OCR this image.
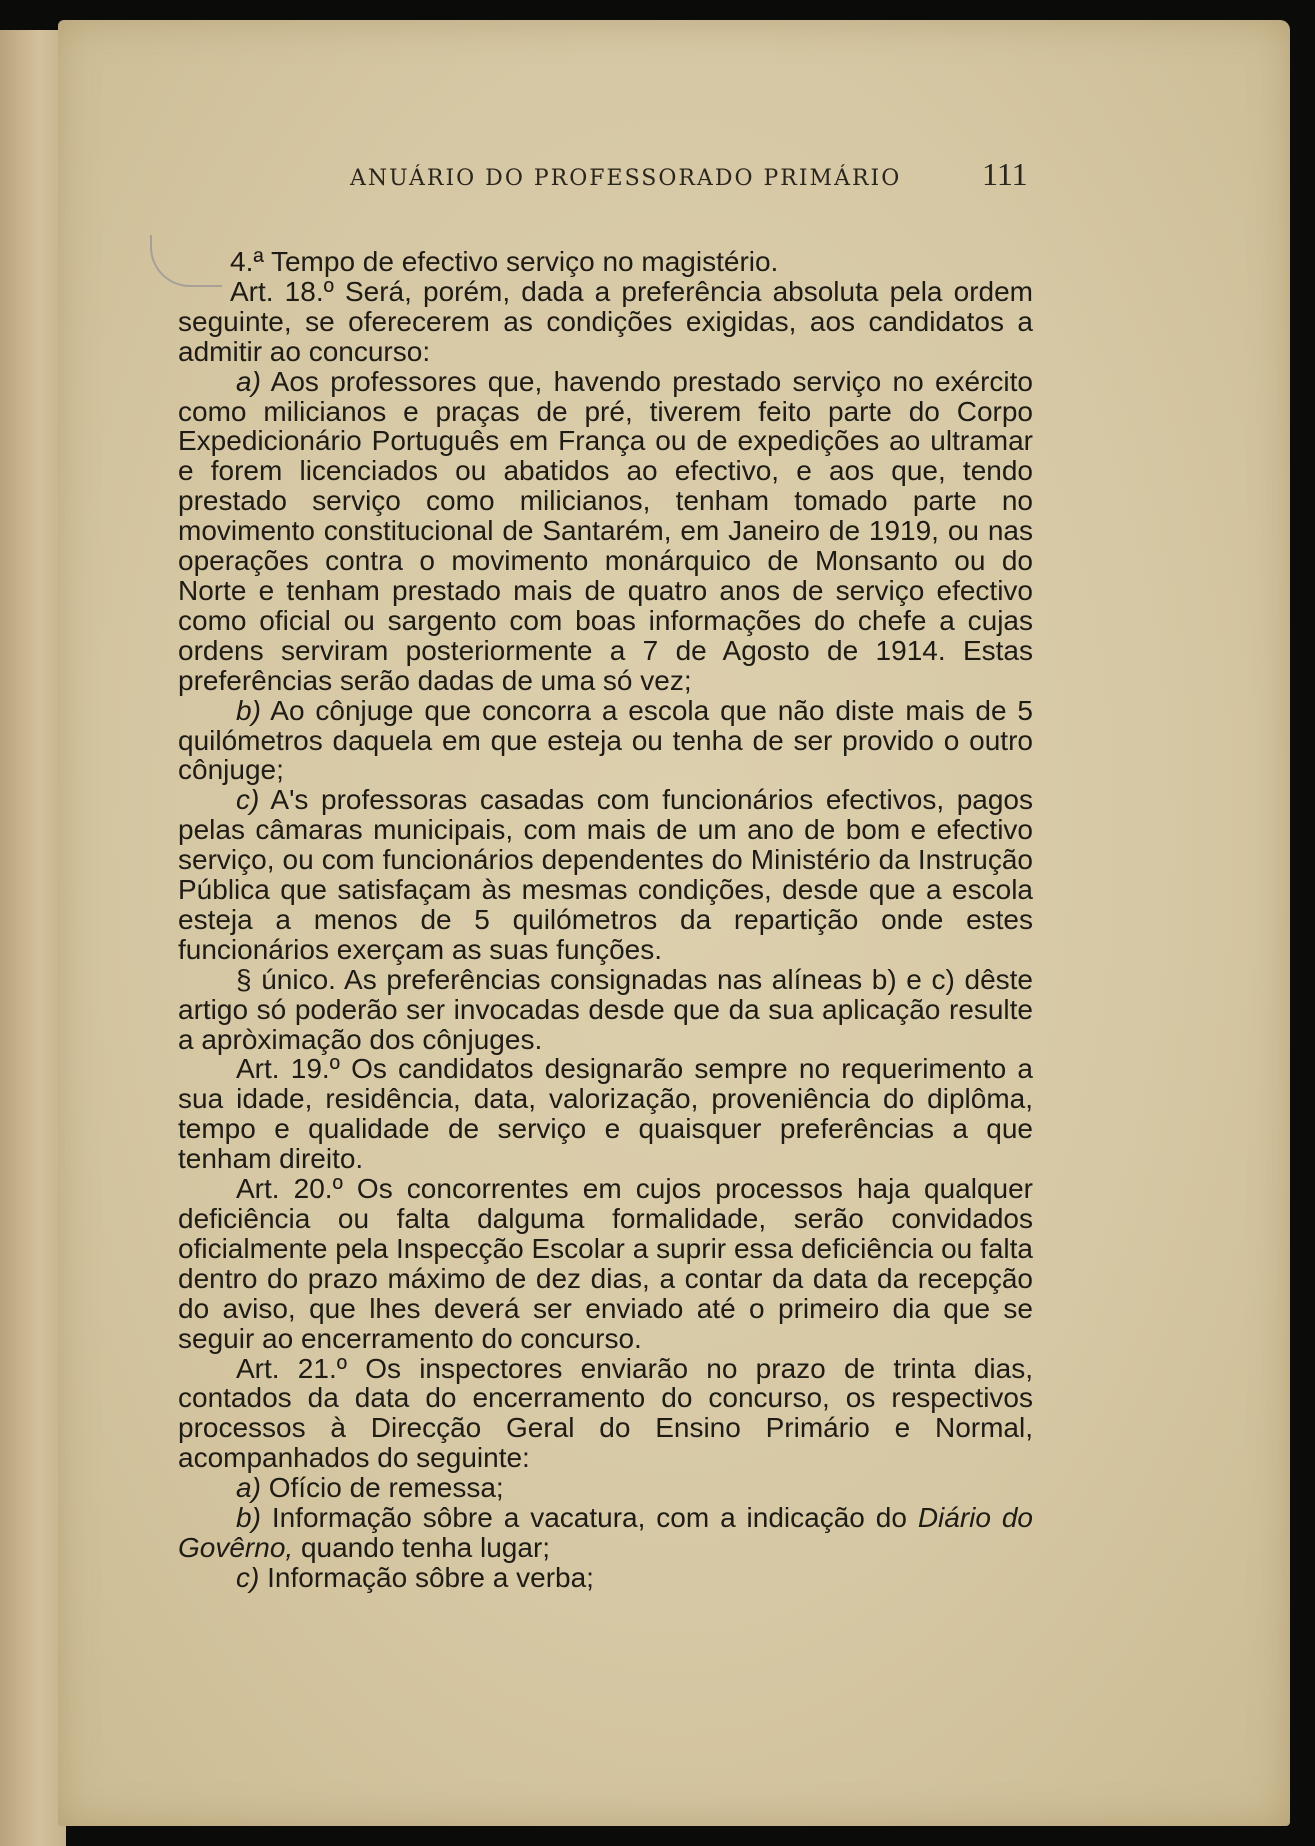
ANUÁRIO DO PROFESSORADO PRIMÁRIO	111

4.ª Tempo de efectivo serviço no magistério.

Art. 18.º Será, porém, dada a preferência absoluta pela ordem seguinte, se oferecerem as condições exigidas, aos candidatos a admitir ao concurso:

a) Aos professores que, havendo prestado serviço no exército como milicianos e praças de pré, tiverem feito parte do Corpo Expedicionário Português em França ou de expedições ao ultramar e forem licenciados ou abatidos ao efectivo, e aos que, tendo prestado serviço como milicianos, tenham tomado parte no movimento constitucional de Santarém, em Janeiro de 1919, ou nas operações contra o movimento monárquico de Monsanto ou do Norte e tenham prestado mais de quatro anos de serviço efectivo como oficial ou sargento com boas informações do chefe a cujas ordens serviram posteriormente a 7 de Agosto de 1914. Estas preferências serão dadas de uma só vez;

b) Ao cônjuge que concorra a escola que não diste mais de 5 quilómetros daquela em que esteja ou tenha de ser provido o outro cônjuge;

c) A's professoras casadas com funcionários efectivos, pagos pelas câmaras municipais, com mais de um ano de bom e efectivo serviço, ou com funcionários dependentes do Ministério da Instrução Pública que satisfaçam às mesmas condições, desde que a escola esteja a menos de 5 quilómetros da repartição onde estes funcionários exerçam as suas funções.

§ único. As preferências consignadas nas alíneas b) e c) dêste artigo só poderão ser invocadas desde que da sua aplicação resulte a apròximação dos cônjuges.

Art. 19.º Os candidatos designarão sempre no requerimento a sua idade, residência, data, valorização, proveniência do diplôma, tempo e qualidade de serviço e quaisquer preferências a que tenham direito.

Art. 20.º Os concorrentes em cujos processos haja qualquer deficiência ou falta dalguma formalidade, serão convidados oficialmente pela Inspecção Escolar a suprir essa deficiência ou falta dentro do prazo máximo de dez dias, a contar da data da recepção do aviso, que lhes deverá ser enviado até o primeiro dia que se seguir ao encerramento do concurso.

Art. 21.º Os inspectores enviarão no prazo de trinta dias, contados da data do encerramento do concurso, os respectivos processos à Direcção Geral do Ensino Primário e Normal, acompanhados do seguinte:

a) Ofício de remessa;

b) Informação sôbre a vacatura, com a indicação do Diário do Govêrno, quando tenha lugar;

c) Informação sôbre a verba;
